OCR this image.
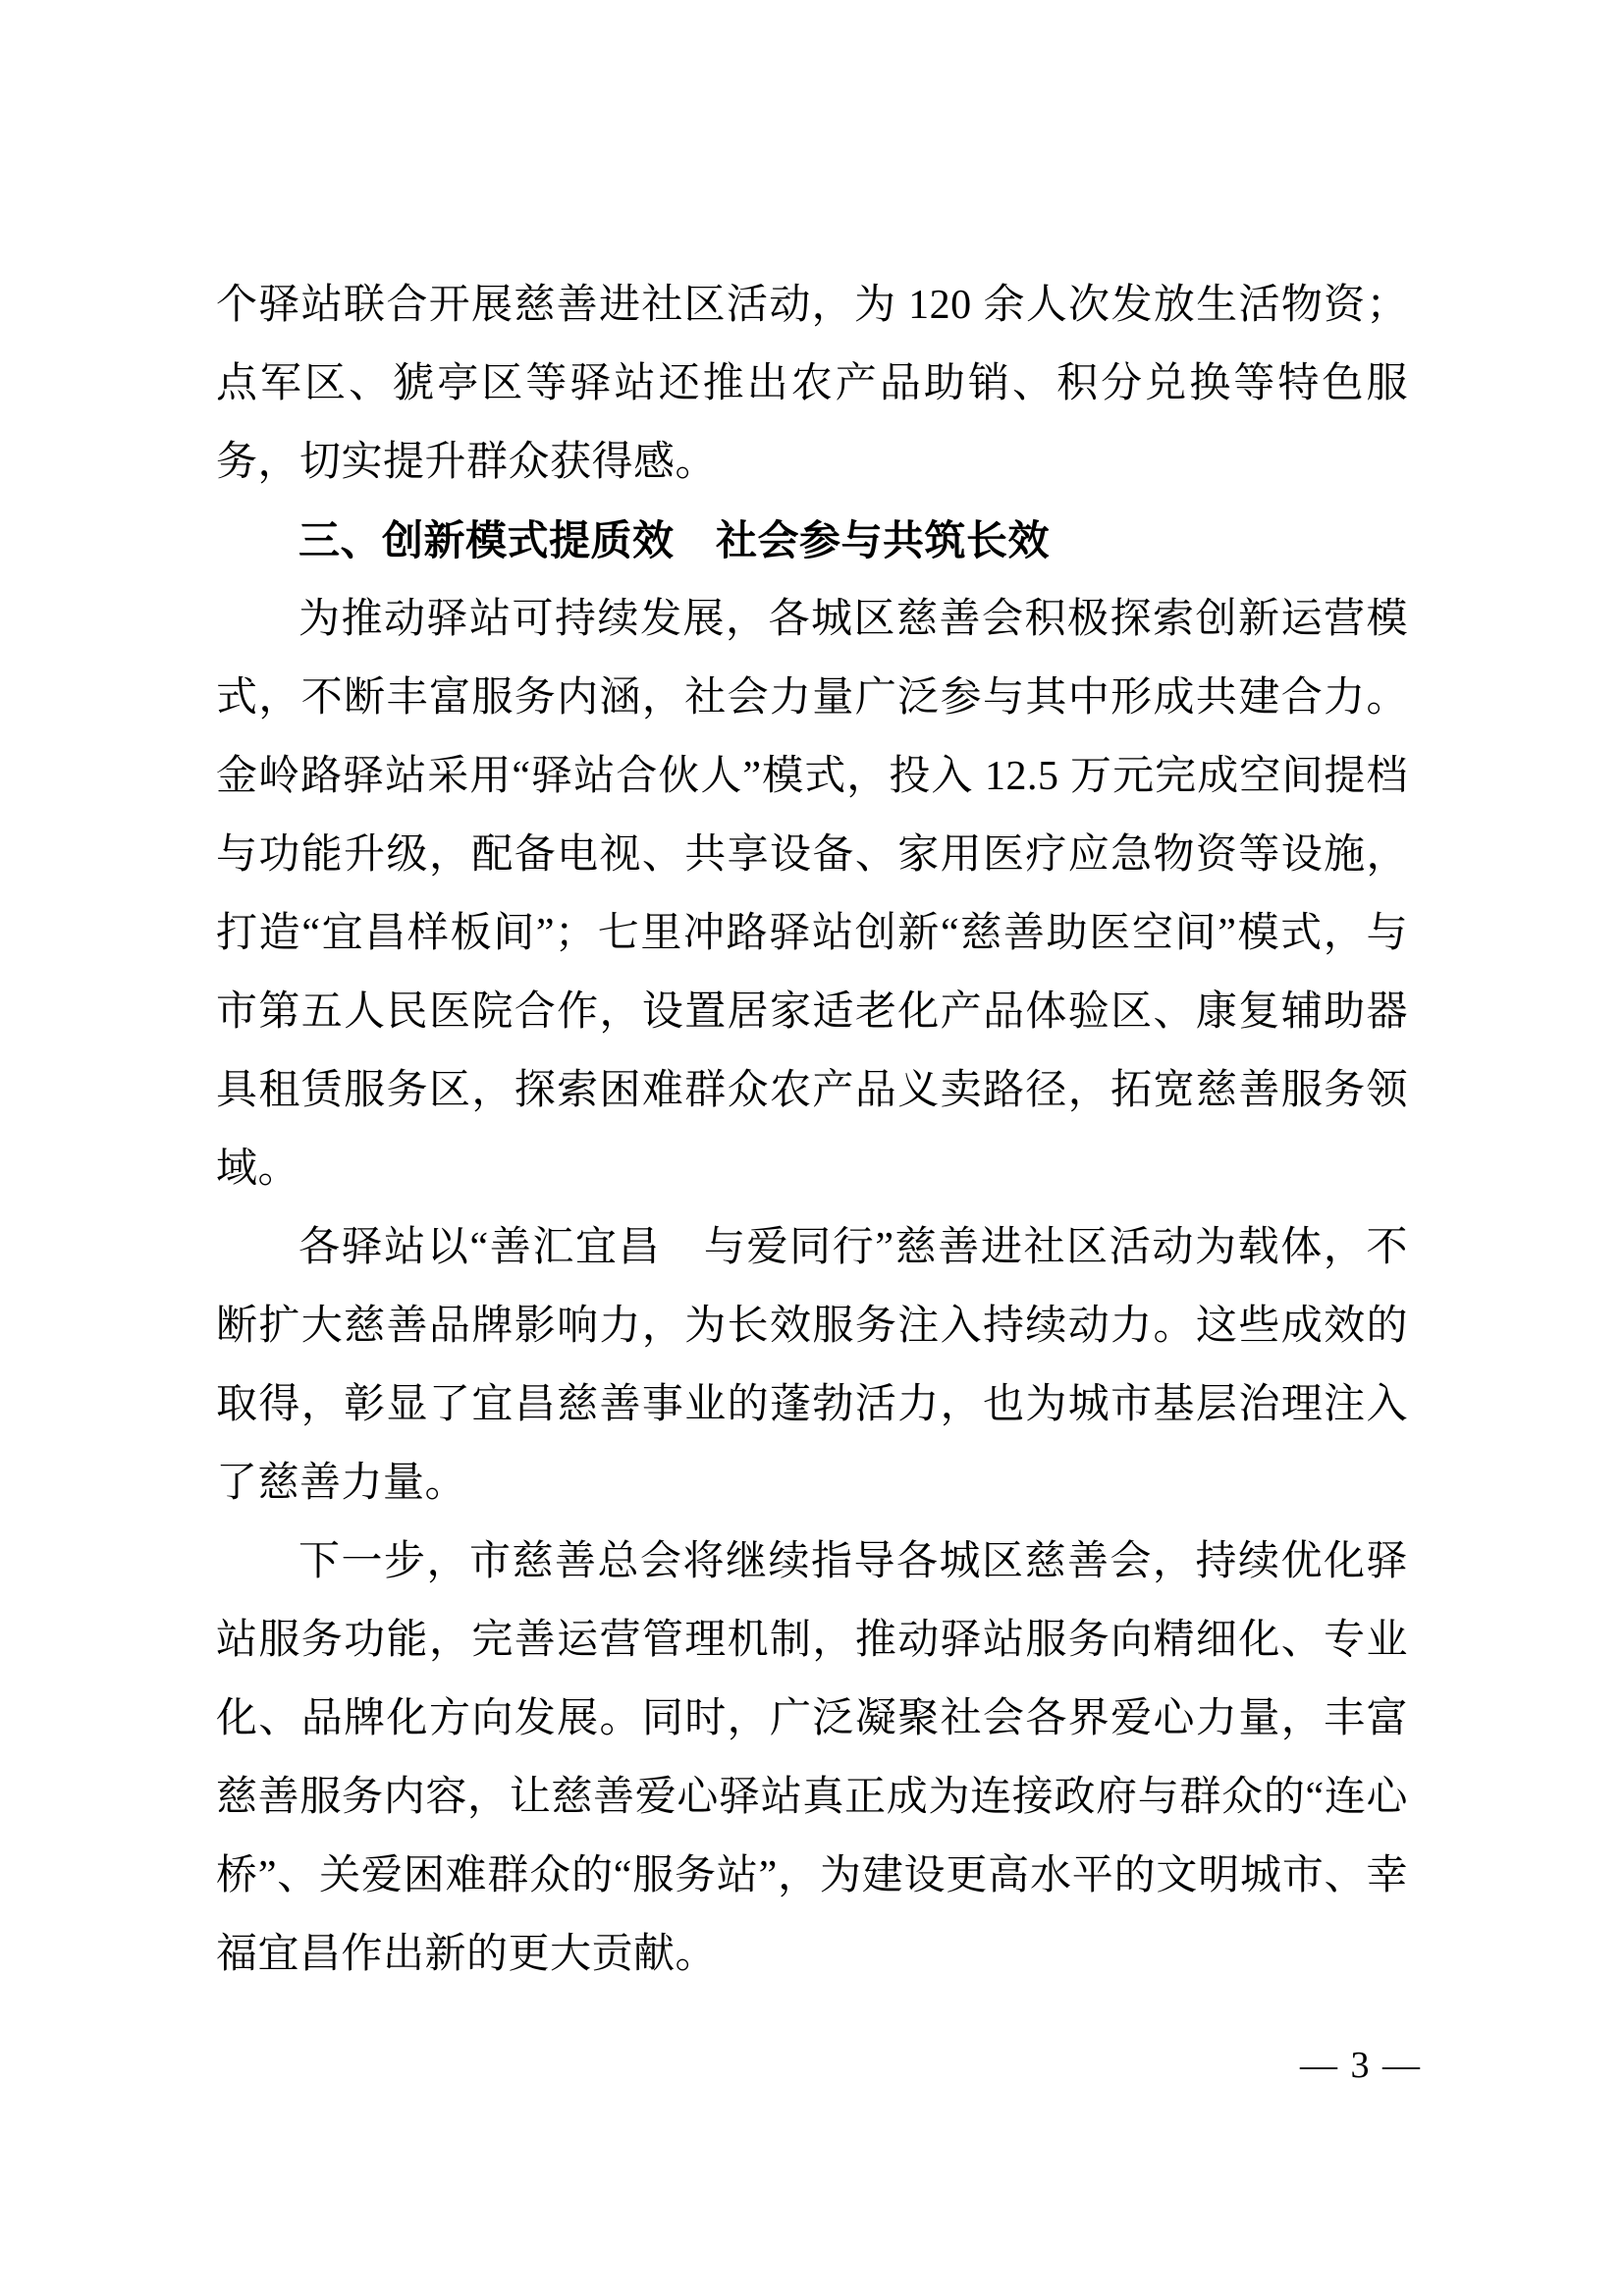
个驿站联合开展慈善进社区活动，为 120 余人次发放生活物资；点军区、猇亭区等驿站还推出农产品助销、积分兑换等特色服务，切实提升群众获得感。

三、创新模式提质效　社会参与共筑长效

为推动驿站可持续发展，各城区慈善会积极探索创新运营模式，不断丰富服务内涵，社会力量广泛参与其中形成共建合力。金岭路驿站采用“驿站合伙人”模式，投入 12.5 万元完成空间提档与功能升级，配备电视、共享设备、家用医疗应急物资等设施，打造“宜昌样板间”；七里冲路驿站创新“慈善助医空间”模式，与市第五人民医院合作，设置居家适老化产品体验区、康复辅助器具租赁服务区，探索困难群众农产品义卖路径，拓宽慈善服务领域。

各驿站以“善汇宜昌　与爱同行”慈善进社区活动为载体，不断扩大慈善品牌影响力，为长效服务注入持续动力。这些成效的取得，彰显了宜昌慈善事业的蓬勃活力，也为城市基层治理注入了慈善力量。

下一步，市慈善总会将继续指导各城区慈善会，持续优化驿站服务功能，完善运营管理机制，推动驿站服务向精细化、专业化、品牌化方向发展。同时，广泛凝聚社会各界爱心力量，丰富慈善服务内容，让慈善爱心驿站真正成为连接政府与群众的“连心桥”、关爱困难群众的“服务站”，为建设更高水平的文明城市、幸福宜昌作出新的更大贡献。

— 3 —
